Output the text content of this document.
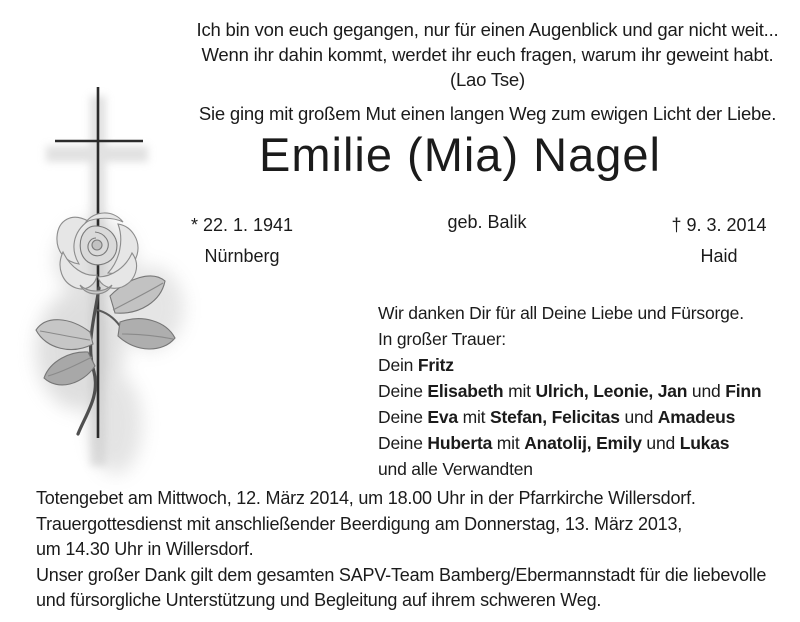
Ich bin von euch gegangen, nur für einen Augenblick und gar nicht weit...

Wenn ihr dahin kommt, werdet ihr euch fragen, warum ihr geweint habt.

(Lao Tse)

Sie ging mit großem Mut einen langen Weg zum ewigen Licht der Liebe.

Emilie (Mia) Nagel
* 22. 1. 1941
Nürnberg
geb. Balik	† 9. 3. 2014
Haid

Wir danken Dir für all Deine Liebe und Fürsorge.

In großer Trauer:

Dein Fritz
Deine Elisabeth mit Ulrich, Leonie, Jan und Finn
Deine Eva mit Stefan, Felicitas und Amadeus
Deine Huberta mit Anatolij, Emily und Lukas

und alle Verwandten

Totengebet am Mittwoch, 12. März 2014, um 18.00 Uhr in der Pfarrkirche Willersdorf.
Trauergottesdienst mit anschließender Beerdigung am Donnerstag, 13. März 2013,
um 14.30 Uhr in Willersdorf.
Unser großer Dank gilt dem gesamten SAPV-Team Bamberg/Ebermannstadt für die liebevolle
und fürsorgliche Unterstützung und Begleitung auf ihrem schweren Weg.
